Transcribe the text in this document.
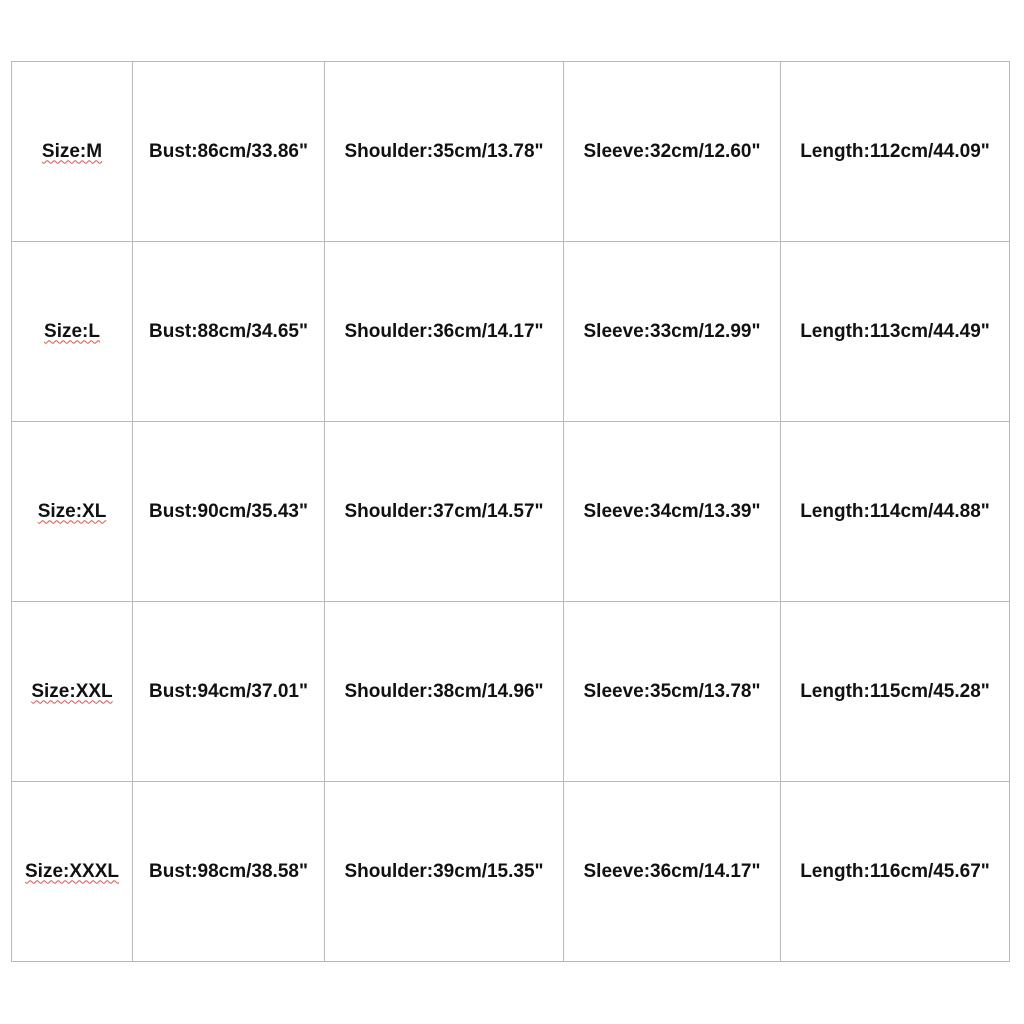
Size:M	Bust:86cm/33.86"	Shoulder:35cm/13.78"	Sleeve:32cm/12.60"	Length:112cm/44.09"
Size:L	Bust:88cm/34.65"	Shoulder:36cm/14.17"	Sleeve:33cm/12.99"	Length:113cm/44.49"
Size:XL	Bust:90cm/35.43"	Shoulder:37cm/14.57"	Sleeve:34cm/13.39"	Length:114cm/44.88"
Size:XXL	Bust:94cm/37.01"	Shoulder:38cm/14.96"	Sleeve:35cm/13.78"	Length:115cm/45.28"
Size:XXXL	Bust:98cm/38.58"	Shoulder:39cm/15.35"	Sleeve:36cm/14.17"	Length:116cm/45.67"
